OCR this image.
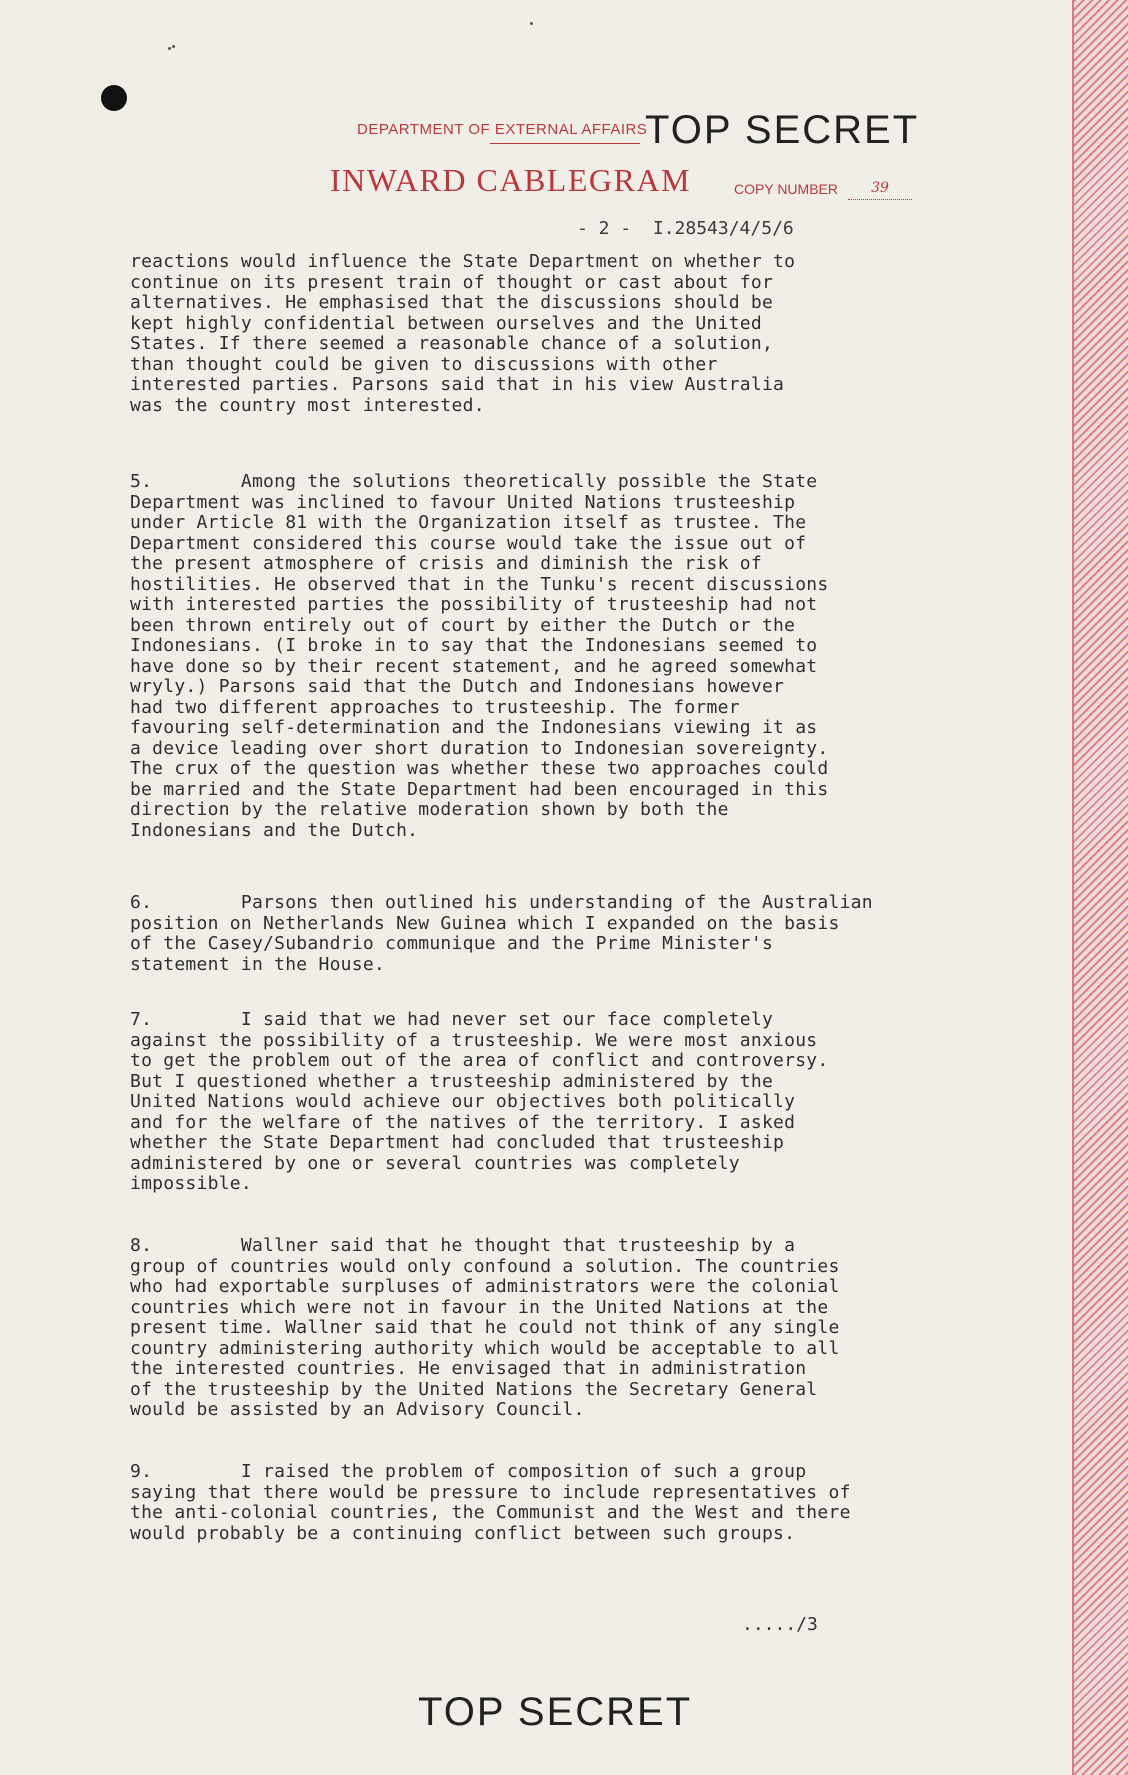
DEPARTMENT OF EXTERNAL AFFAIRS
TOP SECRET
INWARD CABLEGRAM	COPY NUMBER	39
- 2 -  I.28543/4/5/6
reactions would influence the State Department on whether to
continue on its present train of thought or cast about for
alternatives. He emphasised that the discussions should be
kept highly confidential between ourselves and the United
States. If there seemed a reasonable chance of a solution,
than thought could be given to discussions with other
interested parties. Parsons said that in his view Australia
was the country most interested.
5.        Among the solutions theoretically possible the State
Department was inclined to favour United Nations trusteeship
under Article 81 with the Organization itself as trustee. The
Department considered this course would take the issue out of
the present atmosphere of crisis and diminish the risk of
hostilities. He observed that in the Tunku's recent discussions
with interested parties the possibility of trusteeship had not
been thrown entirely out of court by either the Dutch or the
Indonesians. (I broke in to say that the Indonesians seemed to
have done so by their recent statement, and he agreed somewhat
wryly.) Parsons said that the Dutch and Indonesians however
had two different approaches to trusteeship. The former
favouring self-determination and the Indonesians viewing it as
a device leading over short duration to Indonesian sovereignty.
The crux of the question was whether these two approaches could
be married and the State Department had been encouraged in this
direction by the relative moderation shown by both the
Indonesians and the Dutch.
6.        Parsons then outlined his understanding of the Australian
position on Netherlands New Guinea which I expanded on the basis
of the Casey/Subandrio communique and the Prime Minister's
statement in the House.
7.        I said that we had never set our face completely
against the possibility of a trusteeship. We were most anxious
to get the problem out of the area of conflict and controversy.
But I questioned whether a trusteeship administered by the
United Nations would achieve our objectives both politically
and for the welfare of the natives of the territory. I asked
whether the State Department had concluded that trusteeship
administered by one or several countries was completely
impossible.
8.        Wallner said that he thought that trusteeship by a
group of countries would only confound a solution. The countries
who had exportable surpluses of administrators were the colonial
countries which were not in favour in the United Nations at the
present time. Wallner said that he could not think of any single
country administering authority which would be acceptable to all
the interested countries. He envisaged that in administration
of the trusteeship by the United Nations the Secretary General
would be assisted by an Advisory Council.
9.        I raised the problem of composition of such a group
saying that there would be pressure to include representatives of
the anti-colonial countries, the Communist and the West and there
would probably be a continuing conflict between such groups.
...../3
TOP SECRET
